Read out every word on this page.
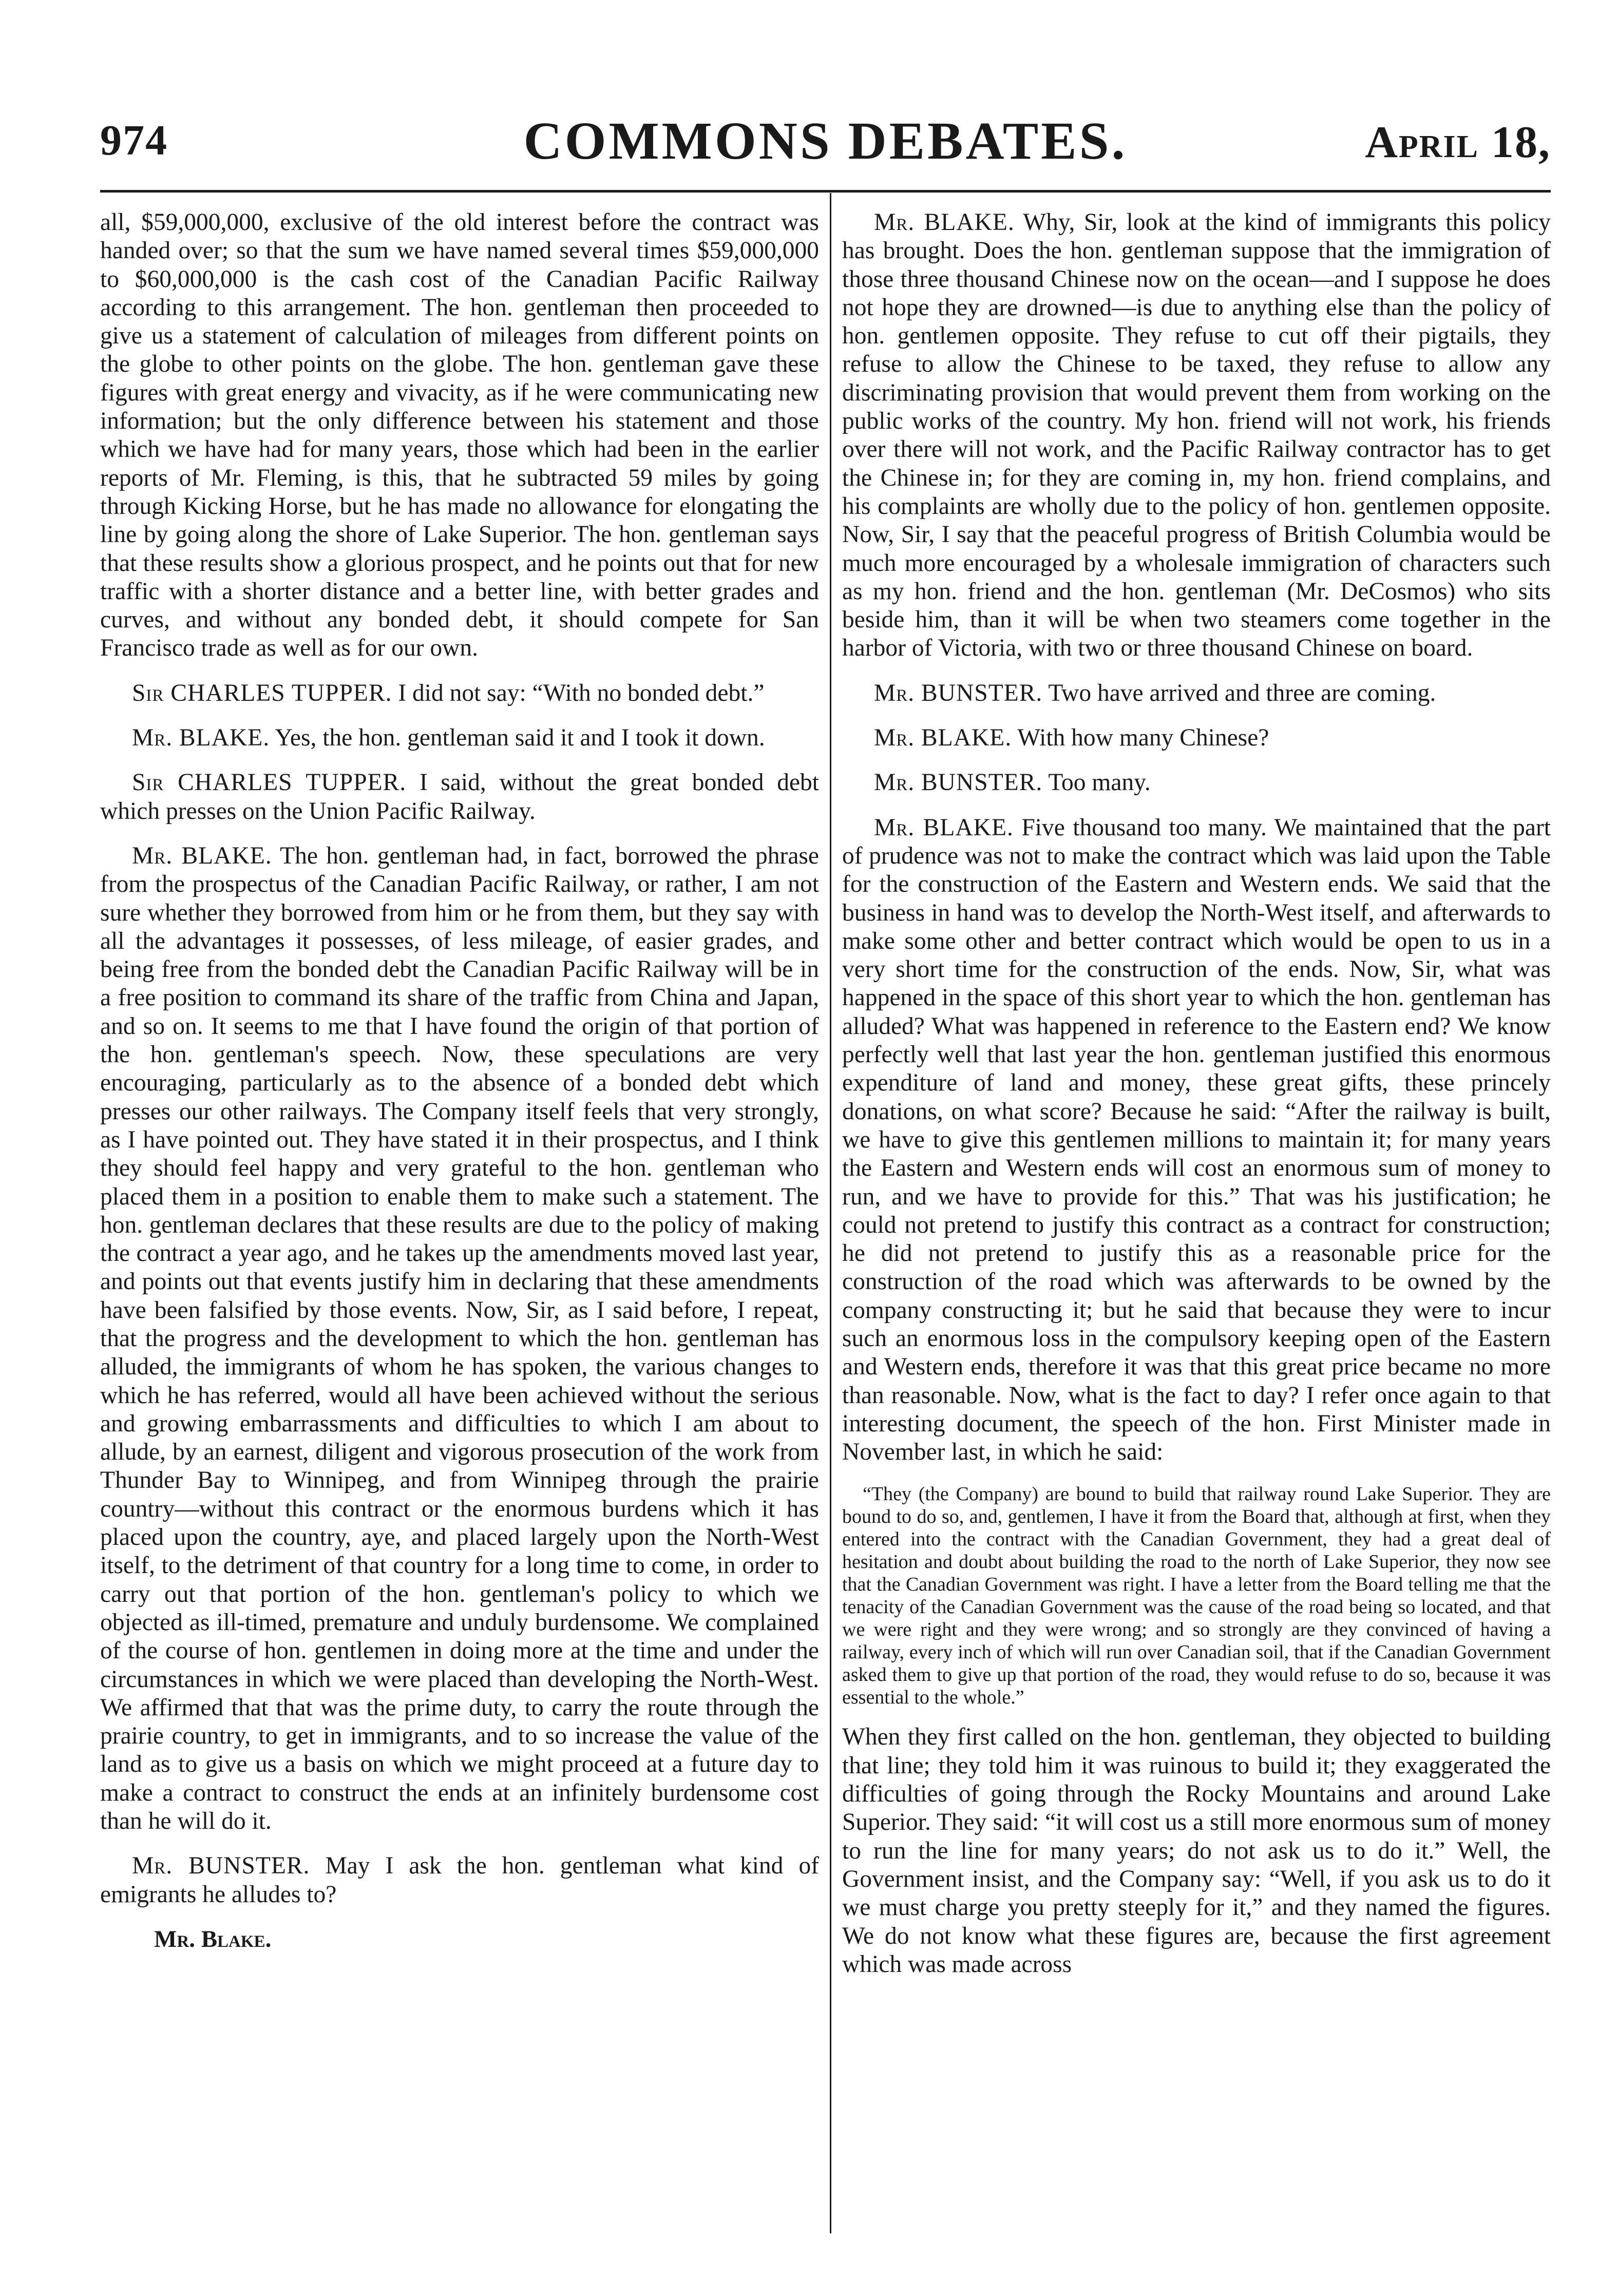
974	COMMONS DEBATES.	April 18,

all, $59,000,000, exclusive of the old interest before the contract was handed over; so that the sum we have named several times $59,000,000 to $60,000,000 is the cash cost of the Canadian Pacific Railway according to this arrangement. The hon. gentleman then proceeded to give us a statement of calculation of mileages from different points on the globe to other points on the globe. The hon. gentleman gave these figures with great energy and vivacity, as if he were communicating new information; but the only difference between his statement and those which we have had for many years, those which had been in the earlier reports of Mr. Fleming, is this, that he subtracted 59 miles by going through Kicking Horse, but he has made no allowance for elongating the line by going along the shore of Lake Superior. The hon. gentleman says that these results show a glorious prospect, and he points out that for new traffic with a shorter distance and a better line, with better grades and curves, and without any bonded debt, it should compete for San Francisco trade as well as for our own.

Sir CHARLES TUPPER. I did not say: “With no bonded debt.”

Mr. BLAKE. Yes, the hon. gentleman said it and I took it down.

Sir CHARLES TUPPER. I said, without the great bonded debt which presses on the Union Pacific Railway.

Mr. BLAKE. The hon. gentleman had, in fact, borrowed the phrase from the prospectus of the Canadian Pacific Railway, or rather, I am not sure whether they borrowed from him or he from them, but they say with all the advantages it possesses, of less mileage, of easier grades, and being free from the bonded debt the Canadian Pacific Railway will be in a free position to command its share of the traffic from China and Japan, and so on. It seems to me that I have found the origin of that portion of the hon. gentleman's speech. Now, these speculations are very encouraging, particularly as to the absence of a bonded debt which presses our other railways. The Company itself feels that very strongly, as I have pointed out. They have stated it in their prospectus, and I think they should feel happy and very grateful to the hon. gentleman who placed them in a position to enable them to make such a statement. The hon. gentleman declares that these results are due to the policy of making the contract a year ago, and he takes up the amendments moved last year, and points out that events justify him in declaring that these amendments have been falsified by those events. Now, Sir, as I said before, I repeat, that the progress and the development to which the hon. gentleman has alluded, the immigrants of whom he has spoken, the various changes to which he has referred, would all have been achieved without the serious and growing embarrassments and difficulties to which I am about to allude, by an earnest, diligent and vigorous prosecution of the work from Thunder Bay to Winnipeg, and from Winnipeg through the prairie country—without this contract or the enormous burdens which it has placed upon the country, aye, and placed largely upon the North-West itself, to the detriment of that country for a long time to come, in order to carry out that portion of the hon. gentleman's policy to which we objected as ill-timed, premature and unduly burdensome. We complained of the course of hon. gentlemen in doing more at the time and under the circumstances in which we were placed than developing the North-West. We affirmed that that was the prime duty, to carry the route through the prairie country, to get in immigrants, and to so increase the value of the land as to give us a basis on which we might proceed at a future day to make a contract to construct the ends at an infinitely burdensome cost than he will do it.

Mr. BUNSTER. May I ask the hon. gentleman what kind of emigrants he alludes to?

Mr. Blake.

Mr. BLAKE. Why, Sir, look at the kind of immigrants this policy has brought. Does the hon. gentleman suppose that the immigration of those three thousand Chinese now on the ocean—and I suppose he does not hope they are drowned—is due to anything else than the policy of hon. gentlemen opposite. They refuse to cut off their pigtails, they refuse to allow the Chinese to be taxed, they refuse to allow any discriminating provision that would prevent them from working on the public works of the country. My hon. friend will not work, his friends over there will not work, and the Pacific Railway contractor has to get the Chinese in; for they are coming in, my hon. friend complains, and his complaints are wholly due to the policy of hon. gentlemen opposite. Now, Sir, I say that the peaceful progress of British Columbia would be much more encouraged by a wholesale immigration of characters such as my hon. friend and the hon. gentleman (Mr. DeCosmos) who sits beside him, than it will be when two steamers come together in the harbor of Victoria, with two or three thousand Chinese on board.

Mr. BUNSTER. Two have arrived and three are coming.

Mr. BLAKE. With how many Chinese?

Mr. BUNSTER. Too many.

Mr. BLAKE. Five thousand too many. We maintained that the part of prudence was not to make the contract which was laid upon the Table for the construction of the Eastern and Western ends. We said that the business in hand was to develop the North-West itself, and afterwards to make some other and better contract which would be open to us in a very short time for the construction of the ends. Now, Sir, what was happened in the space of this short year to which the hon. gentleman has alluded? What was happened in reference to the Eastern end? We know perfectly well that last year the hon. gentleman justified this enormous expenditure of land and money, these great gifts, these princely donations, on what score? Because he said: “After the railway is built, we have to give this gentlemen millions to maintain it; for many years the Eastern and Western ends will cost an enormous sum of money to run, and we have to provide for this.” That was his justification; he could not pretend to justify this contract as a contract for construction; he did not pretend to justify this as a reasonable price for the construction of the road which was afterwards to be owned by the company constructing it; but he said that because they were to incur such an enormous loss in the compulsory keeping open of the Eastern and Western ends, therefore it was that this great price became no more than reasonable. Now, what is the fact to day? I refer once again to that interesting document, the speech of the hon. First Minister made in November last, in which he said:

“They (the Company) are bound to build that railway round Lake Superior. They are bound to do so, and, gentlemen, I have it from the Board that, although at first, when they entered into the contract with the Canadian Government, they had a great deal of hesitation and doubt about building the road to the north of Lake Superior, they now see that the Canadian Government was right. I have a letter from the Board telling me that the tenacity of the Canadian Government was the cause of the road being so located, and that we were right and they were wrong; and so strongly are they convinced of having a railway, every inch of which will run over Canadian soil, that if the Canadian Government asked them to give up that portion of the road, they would refuse to do so, because it was essential to the whole.”

When they first called on the hon. gentleman, they objected to building that line; they told him it was ruinous to build it; they exaggerated the difficulties of going through the Rocky Mountains and around Lake Superior. They said: “it will cost us a still more enormous sum of money to run the line for many years; do not ask us to do it.” Well, the Government insist, and the Company say: “Well, if you ask us to do it we must charge you pretty steeply for it,” and they named the figures. We do not know what these figures are, because the first agreement which was made across
